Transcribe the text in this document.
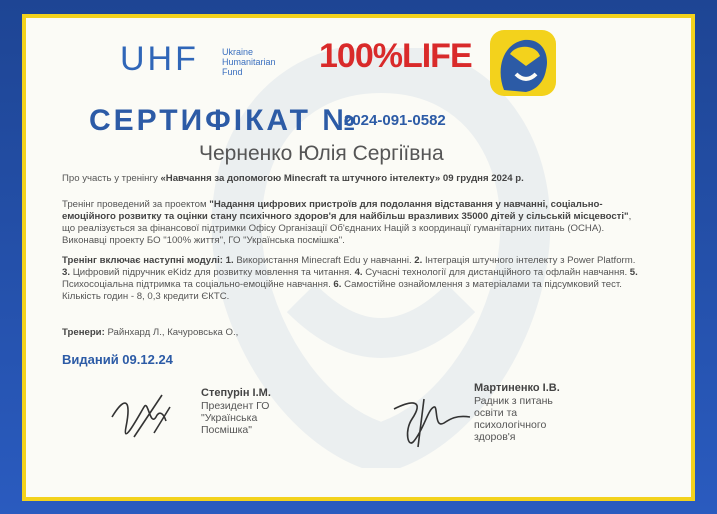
UHF	Ukraine
Humanitarian
Fund	100%LIFE
СЕРТИФІКАТ №
2024-091-0582
Черненко Юлія Сергіївна
Про участь у тренінгу «Навчання за допомогою Minecraft та штучного інтелекту» 09 грудня 2024 р.
Тренінг проведений за проектом "Надання цифрових пристроїв для подолання відставання у навчанні, соціально- емоційного розвитку та оцінки стану психічного здоров'я для найбільш вразливих 35000 дітей у сільській місцевості", що реалізується за фінансової підтримки Офісу Організації Об'єднаних Націй з координації гуманітарних питань (OCHA). Виконавці проекту БО "100% життя", ГО "Українська посмішка".
Тренінг включає наступні модулі: 1. Використання Minecraft Edu у навчанні. 2. Інтеграція штучного інтелекту з Power Platform. 3. Цифровий підручник eKidz для розвитку мовлення та читання. 4. Сучасні технології для дистанційного та офлайн навчання. 5. Психосоціальна підтримка та соціально-емоційне навчання. 6. Самостійне ознайомлення з матеріалами та підсумковий тест.
Кількість годин - 8, 0,3 кредити ЄКТС.
Тренери: Райнхард Л., Качуровська О.,
Виданий 09.12.24
Степурін І.М.
Президент ГО
"Українська
Посмішка"
Мартиненко І.В.
Радник з питань
освіти та
психологічного
здоров'я
